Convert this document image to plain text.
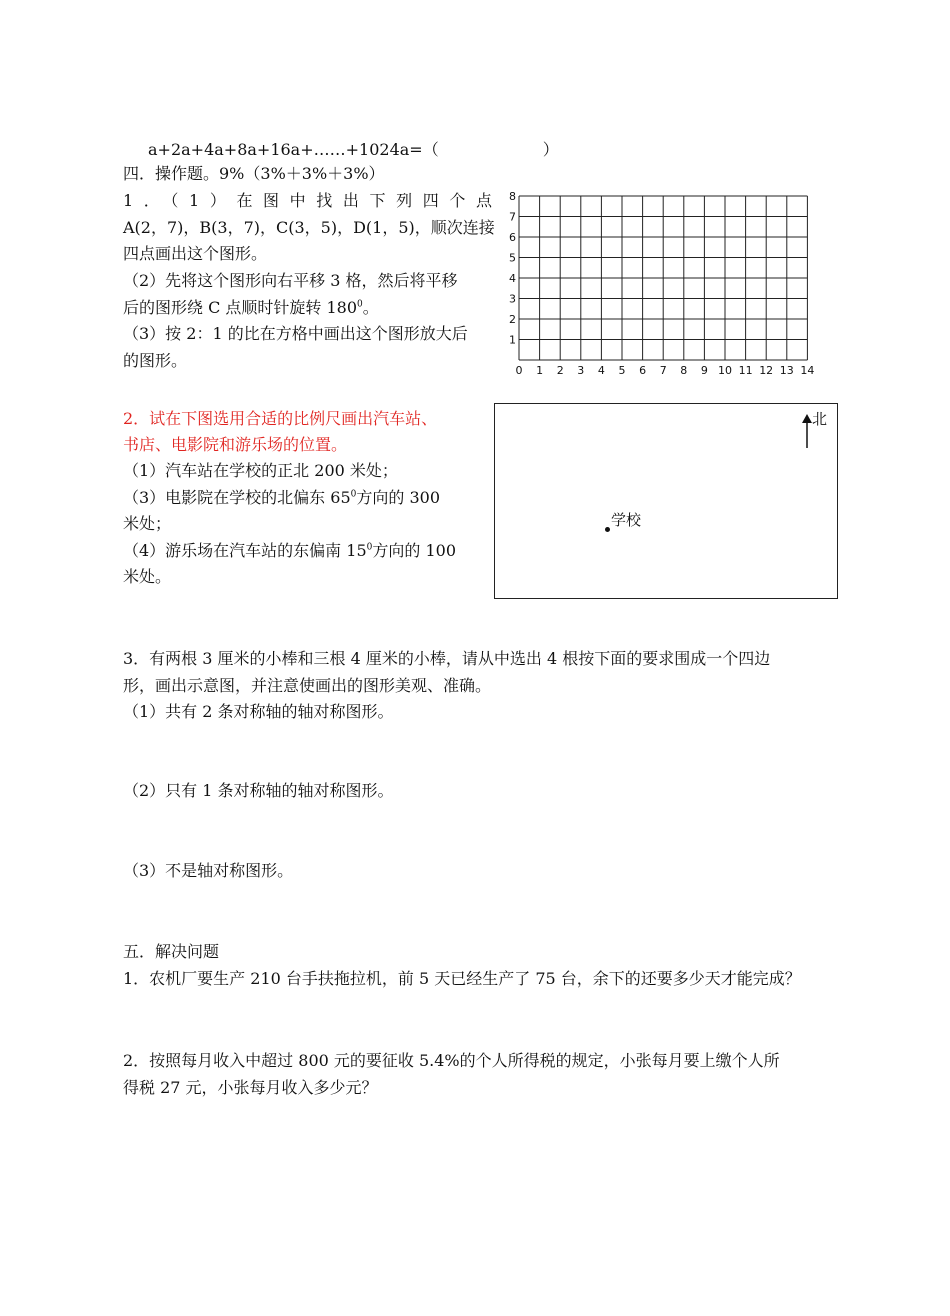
a+2a+4a+8a+16a+……+1024a=（	）
四．操作题。9%（3%＋3%＋3%）
1．（1）在图中找出下列四个点
A(2，7)，B(3，7)，C(3，5)，D(1，5)，顺次连接
四点画出这个图形。
（2）先将这个图形向右平移 3 格，然后将平移
后的图形绕 C 点顺时针旋转 $180^0$。
（3）按 2：1 的比在方格中画出这个图形放大后
的图形。
0 1 2 3 4 5 6 7 8 9 10 11 12 13 14
1
2
3
4
5
6
7
8
2．试在下图选用合适的比例尺画出汽车站、
书店、电影院和游乐场的位置。
（1）汽车站在学校的正北 200 米处；
（3）电影院在学校的北偏东 $65^0$方向的 300
米处；
（4）游乐场在汽车站的东偏南 $15^0$方向的 100
米处。
北
学校
3．有两根 3 厘米的小棒和三根 4 厘米的小棒，请从中选出 4 根按下面的要求围成一个四边
形，画出示意图，并注意使画出的图形美观、准确。
（1）共有 2 条对称轴的轴对称图形。
（2）只有 1 条对称轴的轴对称图形。
（3）不是轴对称图形。
五．解决问题
1．农机厂要生产 210 台手扶拖拉机，前 5 天已经生产了 75 台，余下的还要多少天才能完成？
2．按照每月收入中超过 800 元的要征收 5.4%的个人所得税的规定，小张每月要上缴个人所
得税 27 元，小张每月收入多少元？
